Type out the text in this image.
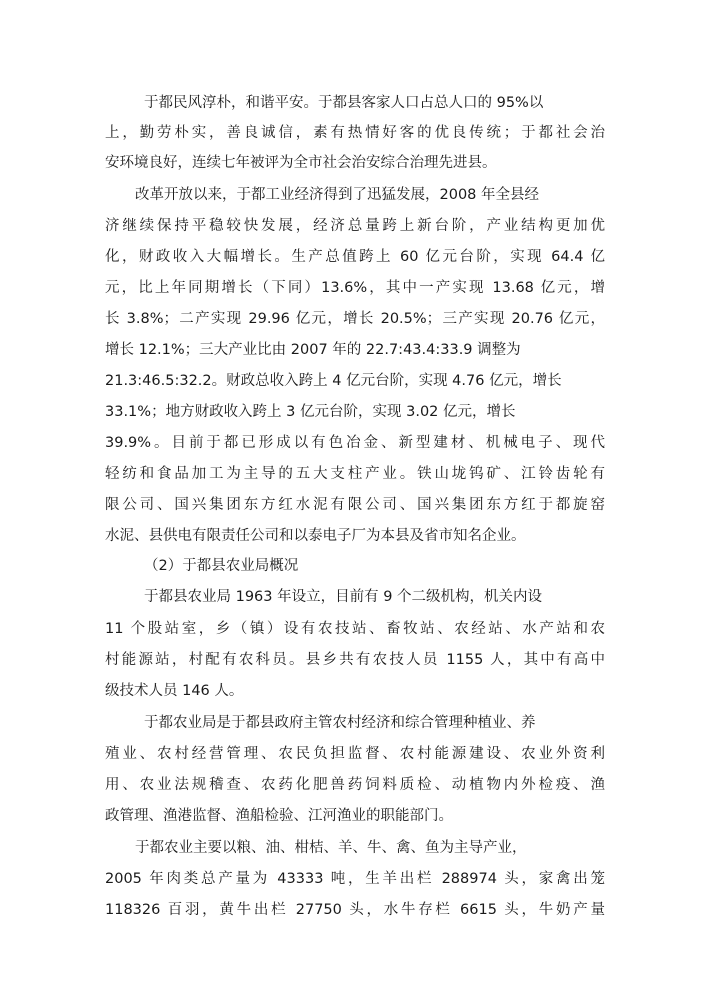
于都民风淳朴，和谐平安。于都县客家人口占总人口的 95%以
上，勤劳朴实，善良诚信，素有热情好客的优良传统；于都社会治
安环境良好，连续七年被评为全市社会治安综合治理先进县。
改革开放以来，于都工业经济得到了迅猛发展，2008 年全县经
济继续保持平稳较快发展，经济总量跨上新台阶，产业结构更加优
化，财政收入大幅增长。生产总值跨上 60 亿元台阶，实现 64.4 亿
元，比上年同期增长（下同）13.6%，其中一产实现 13.68 亿元，增
长 3.8%；二产实现 29.96 亿元，增长 20.5%；三产实现 20.76 亿元，
增长 12.1%；三大产业比由 2007 年的 22.7:43.4:33.9 调整为
21.3:46.5:32.2。财政总收入跨上 4 亿元台阶，实现 4.76 亿元，增长
33.1%；地方财政收入跨上 3 亿元台阶，实现 3.02 亿元，增长
39.9%。目前于都已形成以有色冶金、新型建材、机械电子、现代
轻纺和食品加工为主导的五大支柱产业。铁山垅钨矿、江铃齿轮有
限公司、国兴集团东方红水泥有限公司、国兴集团东方红于都旋窑
水泥、县供电有限责任公司和以泰电子厂为本县及省市知名企业。
（2）于都县农业局概况
于都县农业局 1963 年设立，目前有 9 个二级机构，机关内设
11 个股站室，乡（镇）设有农技站、畜牧站、农经站、水产站和农
村能源站，村配有农科员。县乡共有农技人员 1155 人，其中有高中
级技术人员 146 人。
于都农业局是于都县政府主管农村经济和综合管理种植业、养
殖业、农村经营管理、农民负担监督、农村能源建设、农业外资利
用、农业法规稽查、农药化肥兽药饲料质检、动植物内外检疫、渔
政管理、渔港监督、渔船检验、江河渔业的职能部门。
于都农业主要以粮、油、柑桔、羊、牛、禽、鱼为主导产业，
2005 年肉类总产量为 43333 吨，生羊出栏 288974 头，家禽出笼
118326 百羽，黄牛出栏 27750 头，水牛存栏 6615 头，牛奶产量
